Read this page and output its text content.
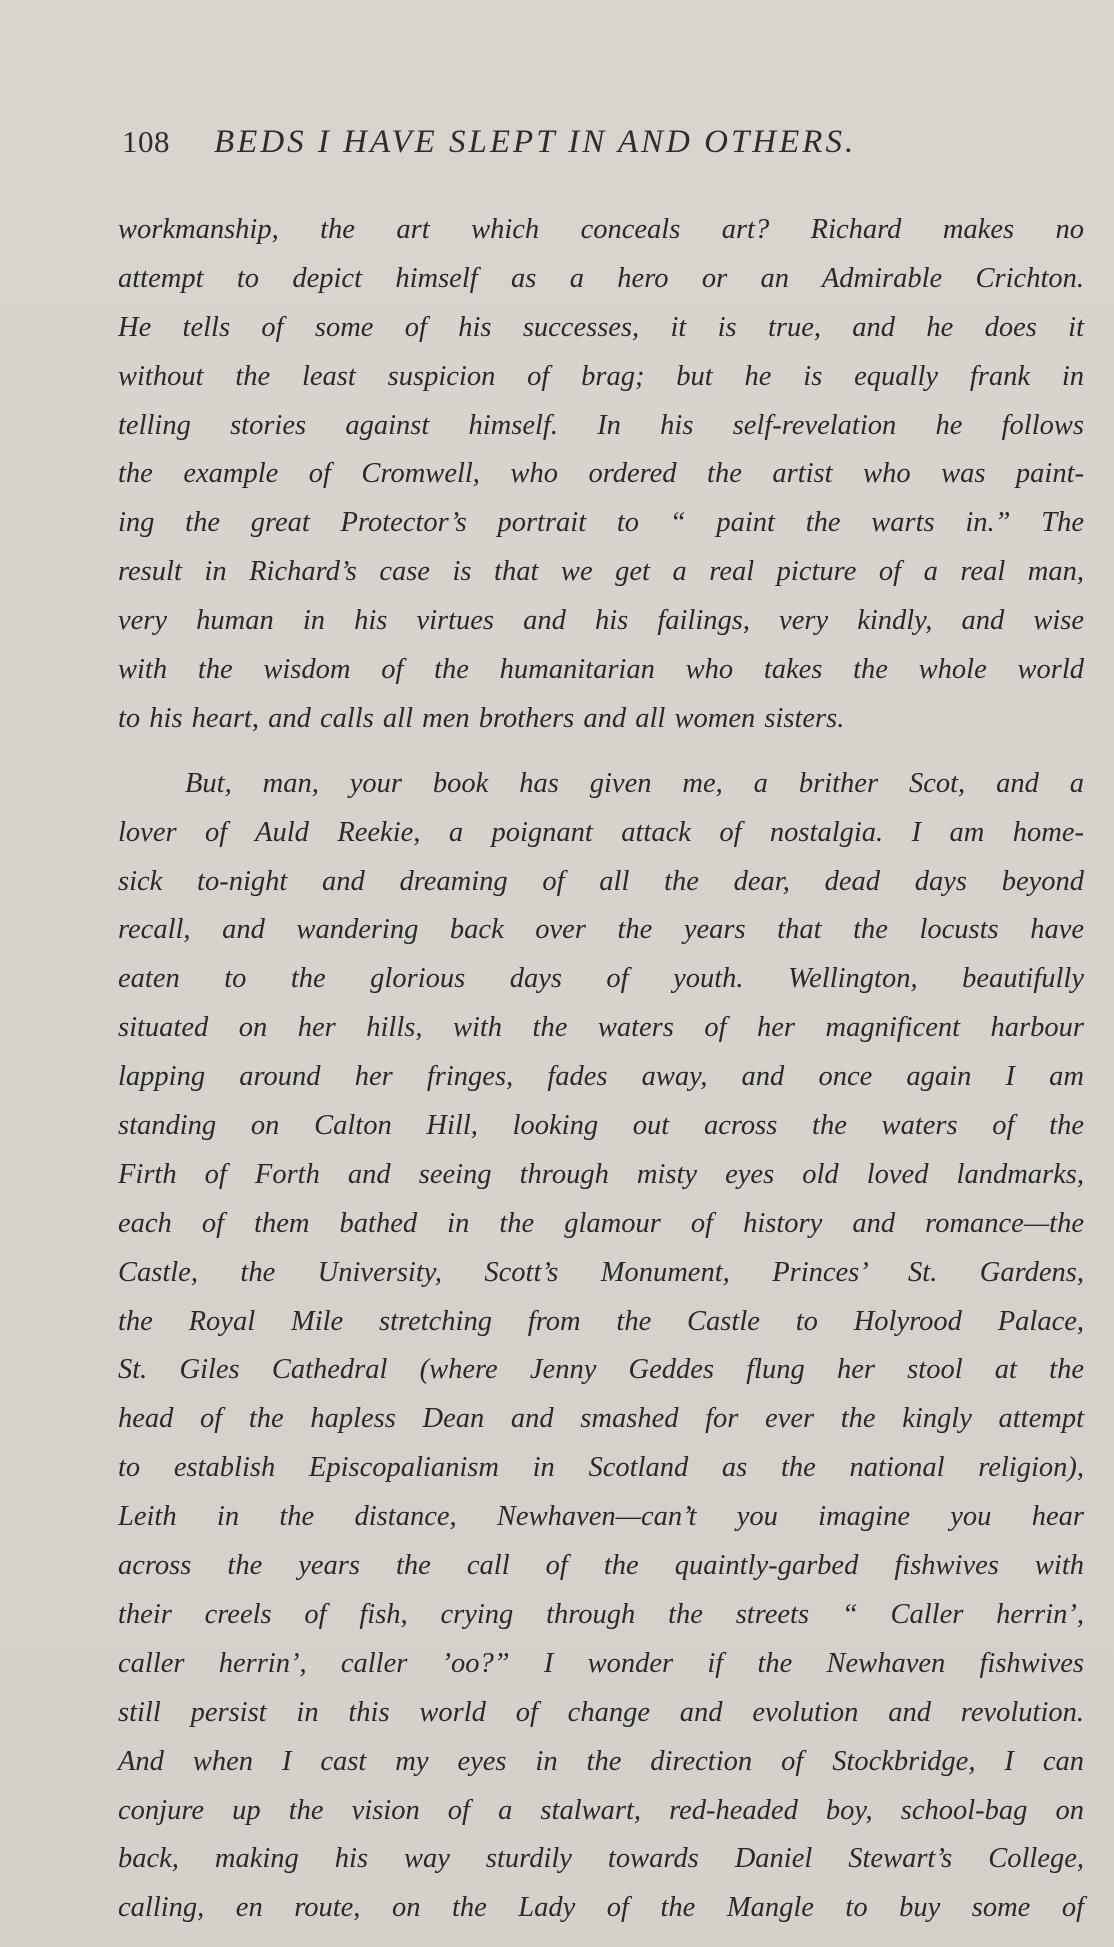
108 BEDS I HAVE SLEPT IN AND OTHERS.
workmanship, the art which conceals art? Richard makes no
attempt to depict himself as a hero or an Admirable Crichton.
He tells of some of his successes, it is true, and he does it
without the least suspicion of brag; but he is equally frank in
telling stories against himself. In his self-revelation he follows
the example of Cromwell, who ordered the artist who was paint-
ing the great Protector’s portrait to “ paint the warts in.” The
result in Richard’s case is that we get a real picture of a real man,
very human in his virtues and his failings, very kindly, and wise
with the wisdom of the humanitarian who takes the whole world
to his heart, and calls all men brothers and all women sisters.
But, man, your book has given me, a brither Scot, and a
lover of Auld Reekie, a poignant attack of nostalgia. I am home-
sick to-night and dreaming of all the dear, dead days beyond
recall, and wandering back over the years that the locusts have
eaten to the glorious days of youth. Wellington, beautifully
situated on her hills, with the waters of her magnificent harbour
lapping around her fringes, fades away, and once again I am
standing on Calton Hill, looking out across the waters of the
Firth of Forth and seeing through misty eyes old loved landmarks,
each of them bathed in the glamour of history and romance—the
Castle, the University, Scott’s Monument, Princes’ St. Gardens,
the Royal Mile stretching from the Castle to Holyrood Palace,
St. Giles Cathedral (where Jenny Geddes flung her stool at the
head of the hapless Dean and smashed for ever the kingly attempt
to establish Episcopalianism in Scotland as the national religion),
Leith in the distance, Newhaven—can’t you imagine you hear
across the years the call of the quaintly-garbed fishwives with
their creels of fish, crying through the streets “ Caller herrin’,
caller herrin’, caller ’oo?” I wonder if the Newhaven fishwives
still persist in this world of change and evolution and revolution.
And when I cast my eyes in the direction of Stockbridge, I can
conjure up the vision of a stalwart, red-headed boy, school-bag on
back, making his way sturdily towards Daniel Stewart’s College,
calling, en route, on the Lady of the Mangle to buy some of
